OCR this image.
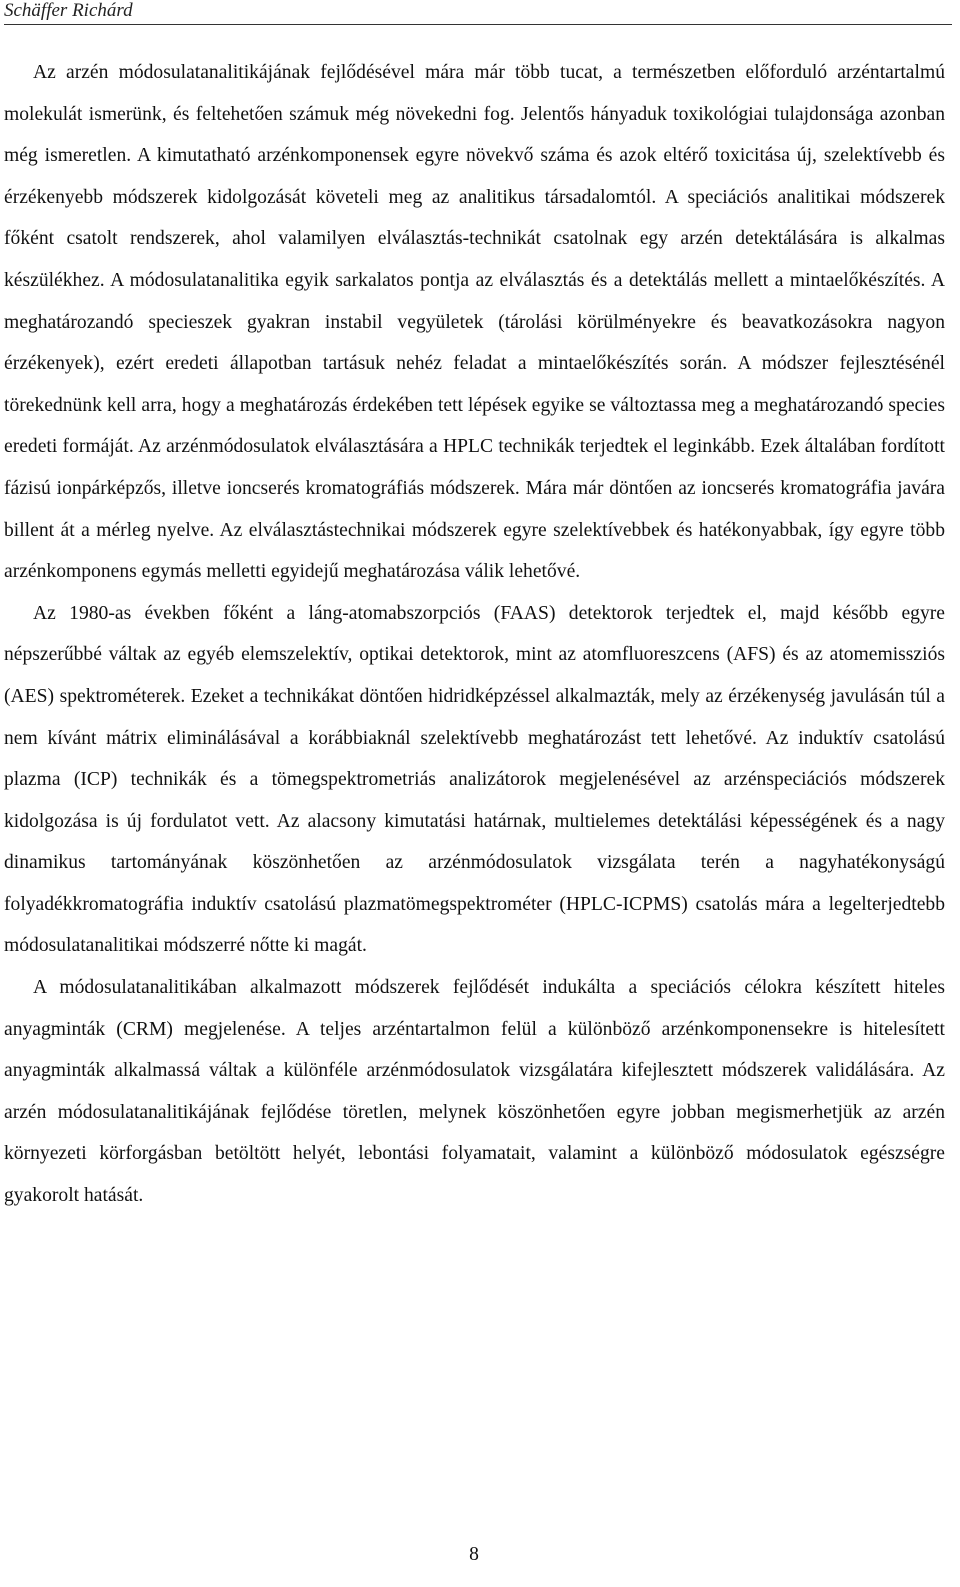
Schäffer Richárd

Az arzén módosulatanalitikájának fejlődésével mára már több tucat, a természetben előforduló arzéntartalmú molekulát ismerünk, és feltehetően számuk még növekedni fog. Jelentős hányaduk toxikológiai tulajdonsága azonban még ismeretlen. A kimutatható arzénkomponensek egyre növekvő száma és azok eltérő toxicitása új, szelektívebb és érzékenyebb módszerek kidolgozását követeli meg az analitikus társadalomtól. A speciációs analitikai módszerek főként csatolt rendszerek, ahol valamilyen elválasztás-technikát csatolnak egy arzén detektálására is alkalmas készülékhez. A módosulatanalitika egyik sarkalatos pontja az elválasztás és a detektálás mellett a mintaelőkészítés. A meghatározandó specieszek gyakran instabil vegyületek (tárolási körülményekre és beavatkozásokra nagyon érzékenyek), ezért eredeti állapotban tartásuk nehéz feladat a mintaelőkészítés során. A módszer fejlesztésénél törekednünk kell arra, hogy a meghatározás érdekében tett lépések egyike se változtassa meg a meghatározandó species eredeti formáját. Az arzénmódosulatok elválasztására a HPLC technikák terjedtek el leginkább. Ezek általában fordított fázisú ionpárképzős, illetve ioncserés kromatográfiás módszerek. Mára már döntően az ioncserés kromatográfia javára billent át a mérleg nyelve. Az elválasztástechnikai módszerek egyre szelektívebbek és hatékonyabbak, így egyre több arzénkomponens egymás melletti egyidejű meghatározása válik lehetővé.

Az 1980-as években főként a láng-atomabszorpciós (FAAS) detektorok terjedtek el, majd később egyre népszerűbbé váltak az egyéb elemszelektív, optikai detektorok, mint az atomfluoreszcens (AFS) és az atomemissziós (AES) spektrométerek. Ezeket a technikákat döntően hidridképzéssel alkalmazták, mely az érzékenység javulásán túl a nem kívánt mátrix eliminálásával a korábbiaknál szelektívebb meghatározást tett lehetővé. Az induktív csatolású plazma (ICP) technikák és a tömegspektrometriás analizátorok megjelenésével az arzénspeciációs módszerek kidolgozása is új fordulatot vett. Az alacsony kimutatási határnak, multielemes detektálási képességének és a nagy dinamikus tartományának köszönhetően az arzénmódosulatok vizsgálata terén a nagyhatékonyságú folyadékkromatográfia induktív csatolású plazmatömegspektrométer (HPLC-ICPMS) csatolás mára a legelterjedtebb módosulatanalitikai módszerré nőtte ki magát.

A módosulatanalitikában alkalmazott módszerek fejlődését indukálta a speciációs célokra készített hiteles anyagminták (CRM) megjelenése. A teljes arzéntartalmon felül a különböző arzénkomponensekre is hitelesített anyagminták alkalmassá váltak a különféle arzénmódosulatok vizsgálatára kifejlesztett módszerek validálására. Az arzén módosulatanalitikájának fejlődése töretlen, melynek köszönhetően egyre jobban megismerhetjük az arzén környezeti körforgásban betöltött helyét, lebontási folyamatait, valamint a különböző módosulatok egészségre gyakorolt hatását.

8
